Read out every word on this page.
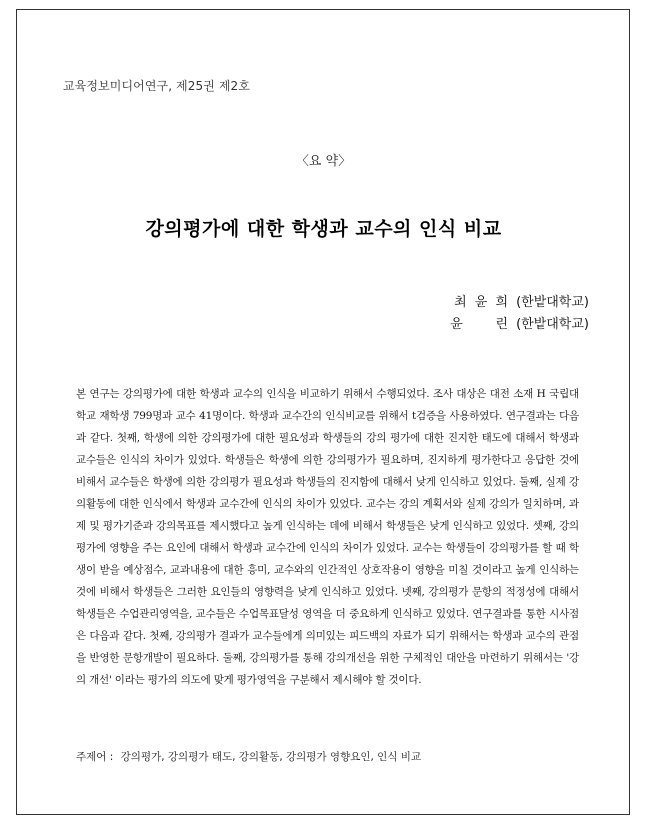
교육정보미디어연구, 제25권 제2호
〈요 약〉
강의평가에 대한 학생과 교수의 인식 비교
최 윤 희 (한밭대학교)
윤     린 (한밭대학교)

본 연구는 강의평가에 대한 학생과 교수의 인식을 비교하기 위해서 수행되었다. 조사 대상은 대전 소재 H 국립대학교 재학생 799명과 교수 41명이다. 학생과 교수간의 인식비교를 위해서 t검증을 사용하였다. 연구결과는 다음과 같다. 첫째, 학생에 의한 강의평가에 대한 필요성과 학생들의 강의 평가에 대한 진지한 태도에 대해서 학생과 교수들은 인식의 차이가 있었다. 학생들은 학생에 의한 강의평가가 필요하며, 진지하게 평가한다고 응답한 것에 비해서 교수들은 학생에 의한 강의평가 필요성과 학생들의 진지함에 대해서 낮게 인식하고 있었다. 둘째, 실제 강의활동에 대한 인식에서 학생과 교수간에 인식의 차이가 있었다. 교수는 강의 계획서와 실제 강의가 일치하며, 과제 및 평가기준과 강의목표를 제시했다고 높게 인식하는 데에 비해서 학생들은 낮게 인식하고 있었다. 셋째, 강의평가에 영향을 주는 요인에 대해서 학생과 교수간에 인식의 차이가 있었다. 교수는 학생들이 강의평가를 할 때 학생이 받을 예상점수, 교과내용에 대한 흥미, 교수와의 인간적인 상호작용이 영향을 미칠 것이라고 높게 인식하는 것에 비해서 학생들은 그러한 요인들의 영향력을 낮게 인식하고 있었다. 넷째, 강의평가 문항의 적정성에 대해서 학생들은 수업관리영역을, 교수들은 수업목표달성 영역을 더 중요하게 인식하고 있었다. 연구결과를 통한 시사점은 다음과 같다. 첫째, 강의평가 결과가 교수들에게 의미있는 피드백의 자료가 되기 위해서는 학생과 교수의 관점을 반영한 문항개발이 필요하다. 둘째, 강의평가를 통해 강의개선을 위한 구체적인 대안을 마련하기 위해서는 '강의 개선' 이라는 평가의 의도에 맞게 평가영역을 구분해서 제시해야 할 것이다.

주제어 : 강의평가, 강의평가 태도, 강의활동, 강의평가 영향요인, 인식 비교
